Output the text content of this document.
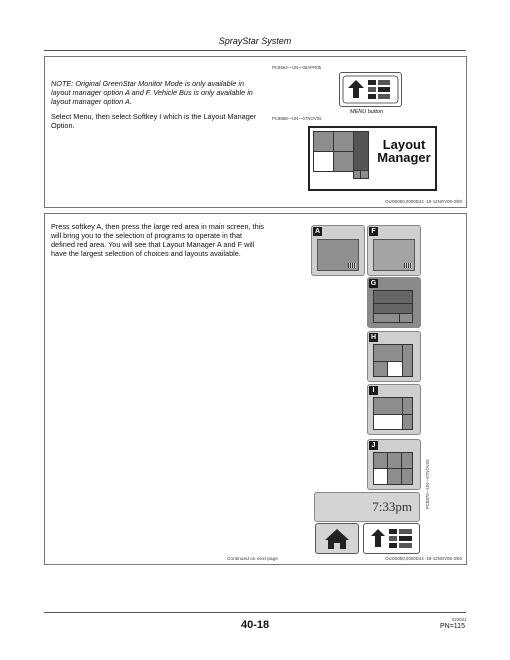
SprayStar System
NOTE: Original GreenStar Monitor Mode is only available in layout manager option A and F. Vehicle Bus is only available in layout manager option A.
Select Menu, then select Softkey I which is the Layout Manager Option.
PC8663—UN—05APR05
MENU button
PC8858—UN—07NOV05
Layout
Manager
OUO6050,0000D44 -19-12NOV05-3/60
Press softkey A, then press the large red area in main screen, this will bring you to the selection of programs to operate in that defined red area. You will see that Layout Manager A and F will have the largest selection of choices and layouts available.
A	F
G
H
I
J
7:33pm	PC8870—UN—07NOV05
Continued on next page	OUO6050,0000D44 -19-12NOV05-3/60
40-18	022021
PN=115
